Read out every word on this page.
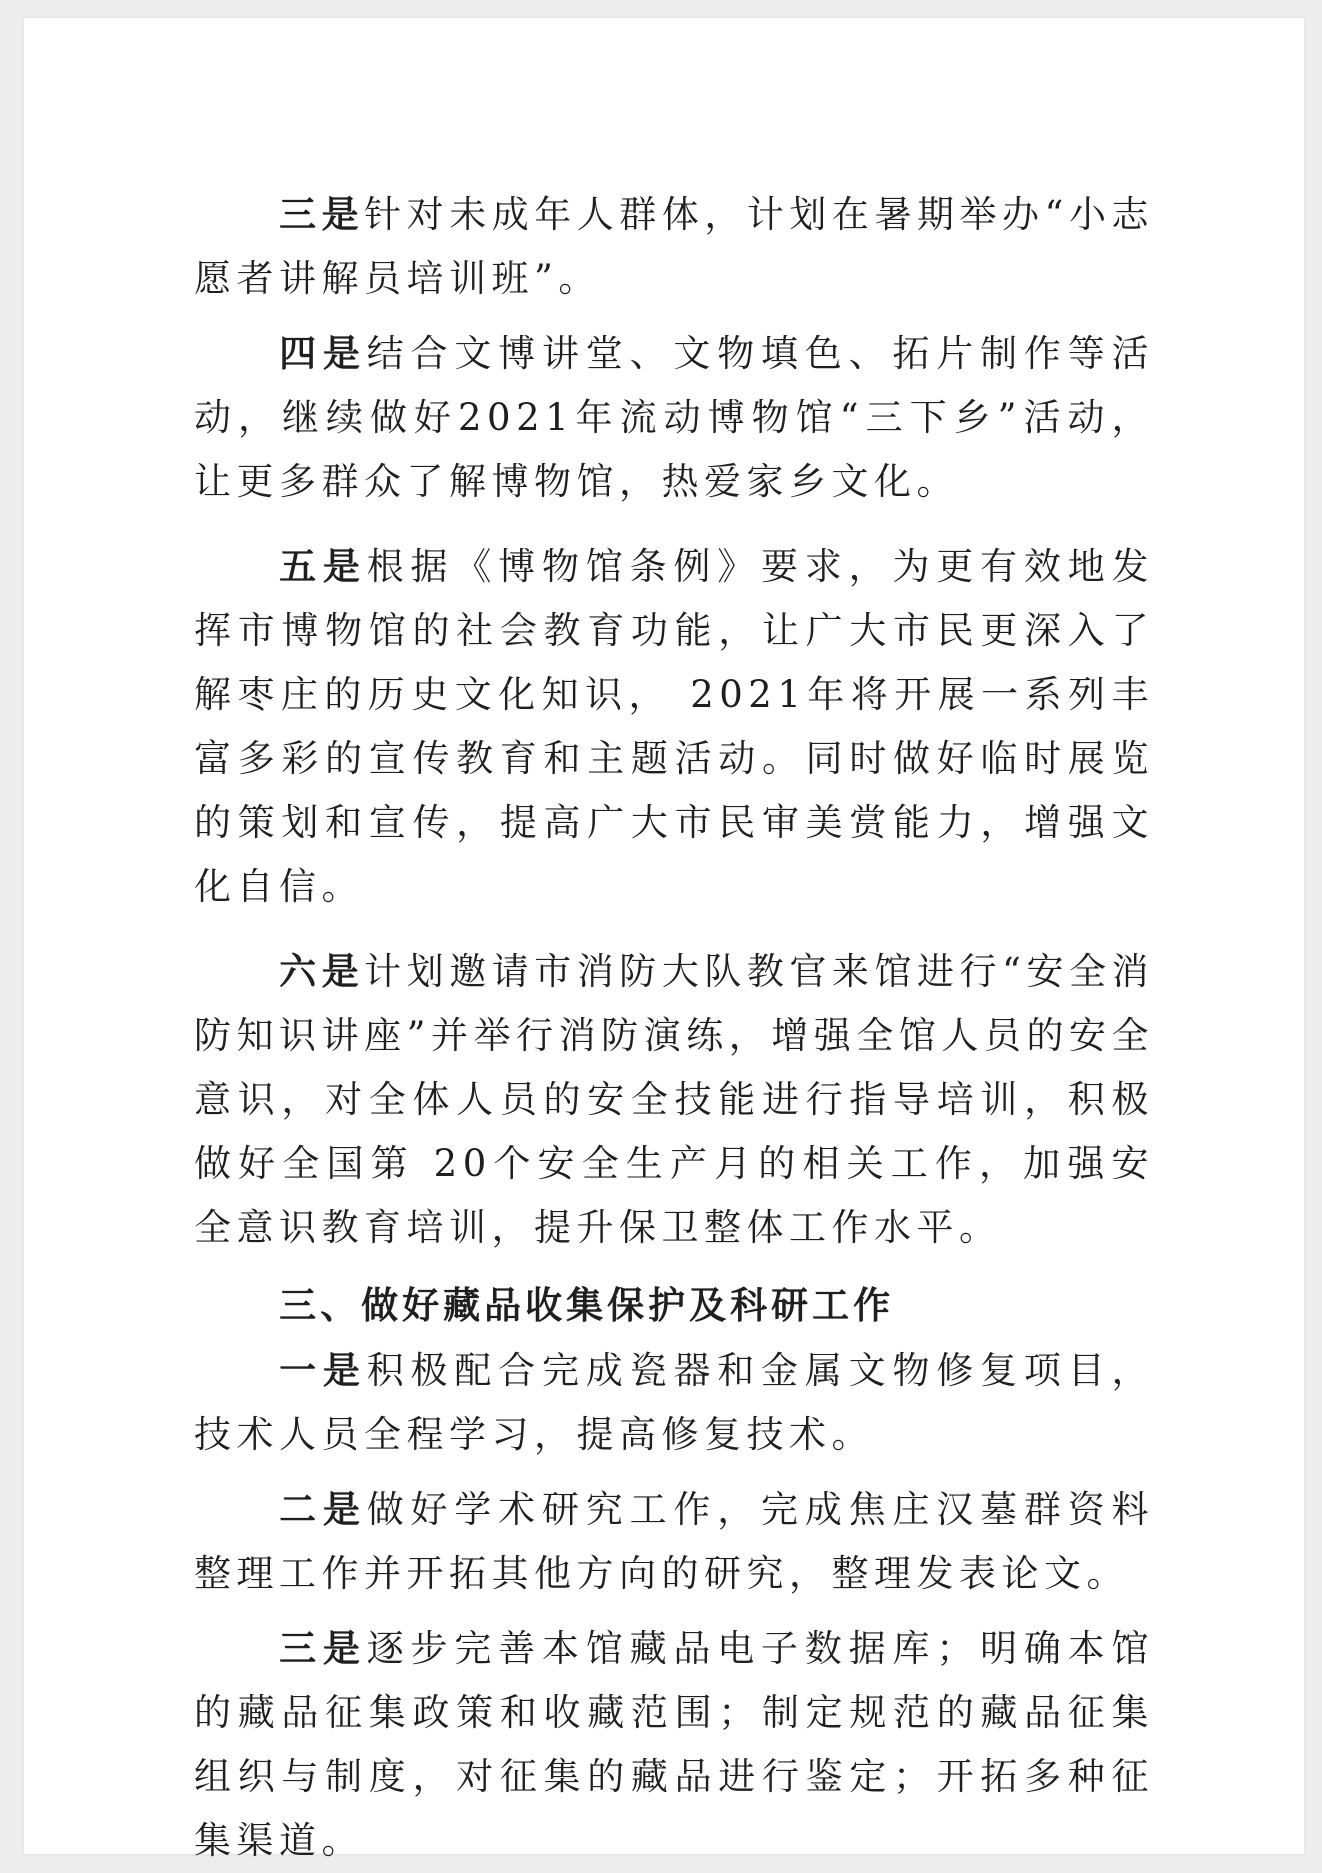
三是针对未成年人群体，计划在暑期举办“小志愿者讲解员培训班”。

四是结合文博讲堂、文物填色、拓片制作等活动，继续做好2021年流动博物馆“三下乡”活动，让更多群众了解博物馆，热爱家乡文化。

五是根据《博物馆条例》要求，为更有效地发挥市博物馆的社会教育功能，让广大市民更深入了解枣庄的历史文化知识， 2021年将开展一系列丰富多彩的宣传教育和主题活动。同时做好临时展览的策划和宣传，提高广大市民审美赏能力，增强文化自信。

六是计划邀请市消防大队教官来馆进行“安全消防知识讲座”并举行消防演练，增强全馆人员的安全意识，对全体人员的安全技能进行指导培训，积极做好全国第 20个安全生产月的相关工作，加强安全意识教育培训，提升保卫整体工作水平。

三、做好藏品收集保护及科研工作

一是积极配合完成瓷器和金属文物修复项目，技术人员全程学习，提高修复技术。

二是做好学术研究工作，完成焦庄汉墓群资料整理工作并开拓其他方向的研究，整理发表论文。

三是逐步完善本馆藏品电子数据库；明确本馆的藏品征集政策和收藏范围；制定规范的藏品征集组织与制度，对征集的藏品进行鉴定；开拓多种征集渠道。
